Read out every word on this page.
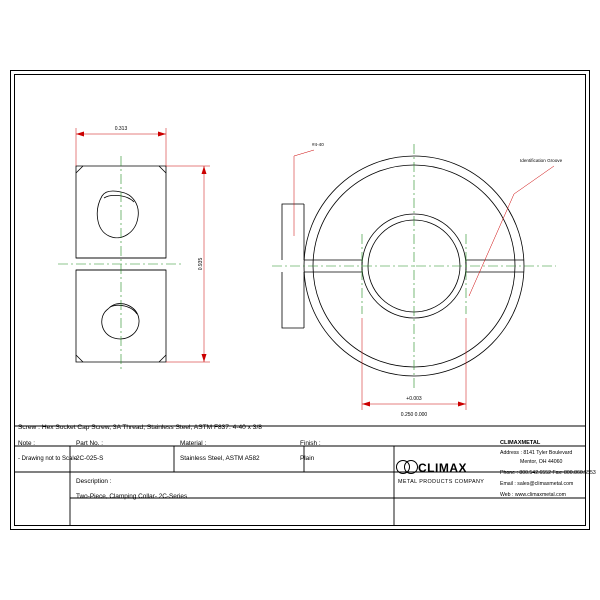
0.313
0.935
#4-40
Identification Groove
+0.003
0.250 0.000
Screw : Hex Socket Cap Screw, 3A Thread, Stainless Steel, ASTM F837: 4-40 x 3/8
Note :
- Drawing not to Scale
Part No. :
2C-025-S
Material :
Stainless Steel, ASTM A582
Finish :
Plain
Description :
Two-Piece, Clamping Collar- 2C-Series
CLIMAX
METAL PRODUCTS COMPANY
CLIMAXMETAL
Address : 8141 Tyler Boulevard
Mentor, OH 44060
Phone : 800.542.6552 Fax: 800.860.5553
Email : sales@climaxmetal.com
Web : www.climaxmetal.com
